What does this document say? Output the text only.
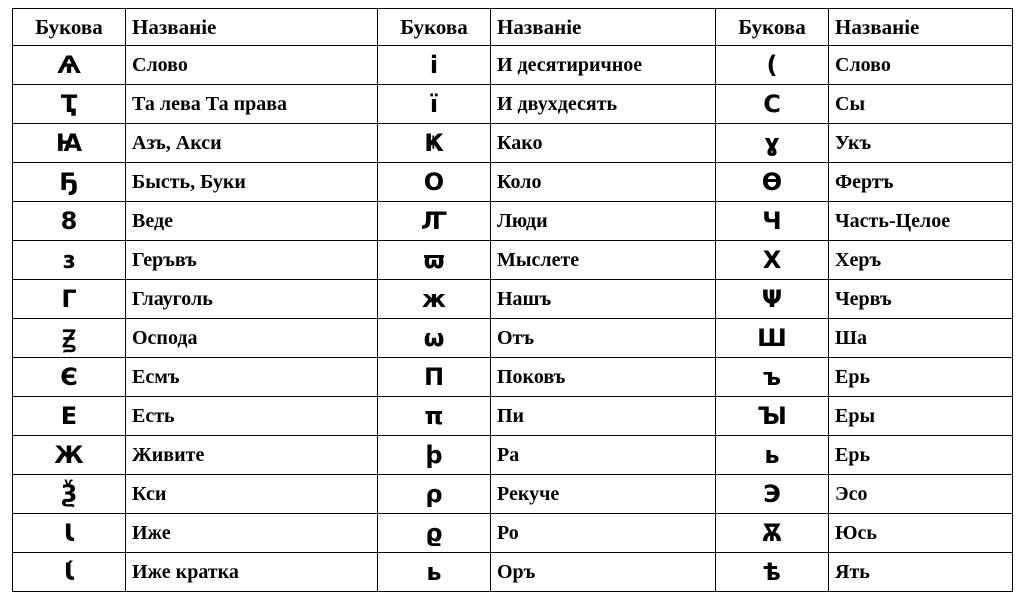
Букова	Названiе	Букова	Названiе	Букова	Названiе
Ѧ	Слово	і	И десятиричное	(	Слово
Ҭ	Та лева Та права	ї	И двухдесять	Ϲ	Сы
Ꙗ	Азъ, Акси	Ҝ	Како	ɣ	Укъ
Ҕ	Бысть, Буки	О	Коло	Ѳ	Фертъ
8	Веде	Ꙥ	Люди	Ч	Часть-Целое
ɜ	Геръвъ	ϖ	Мыслете	Х	Херъ
Г	Глауголь	ж	Нашъ	Ψ	Червъ
Ꙃ	Оспода	ω	Отъ	Ш	Ша
Є	Есмъ	П	Поковъ	ъ	Ерь
Е	Есть	π	Пи	Ꙑ	Еры
Ж	Живите	ϸ	Ра	ь	Ерь
Ѯ	Кси	ρ	Рекуче	Э	Эсо
Ꙇ	Иже	ϱ	Ро	Ѫ	Юсь
Ꙇ́	Иже кратка	ь	Оръ	ѣ	Ять
